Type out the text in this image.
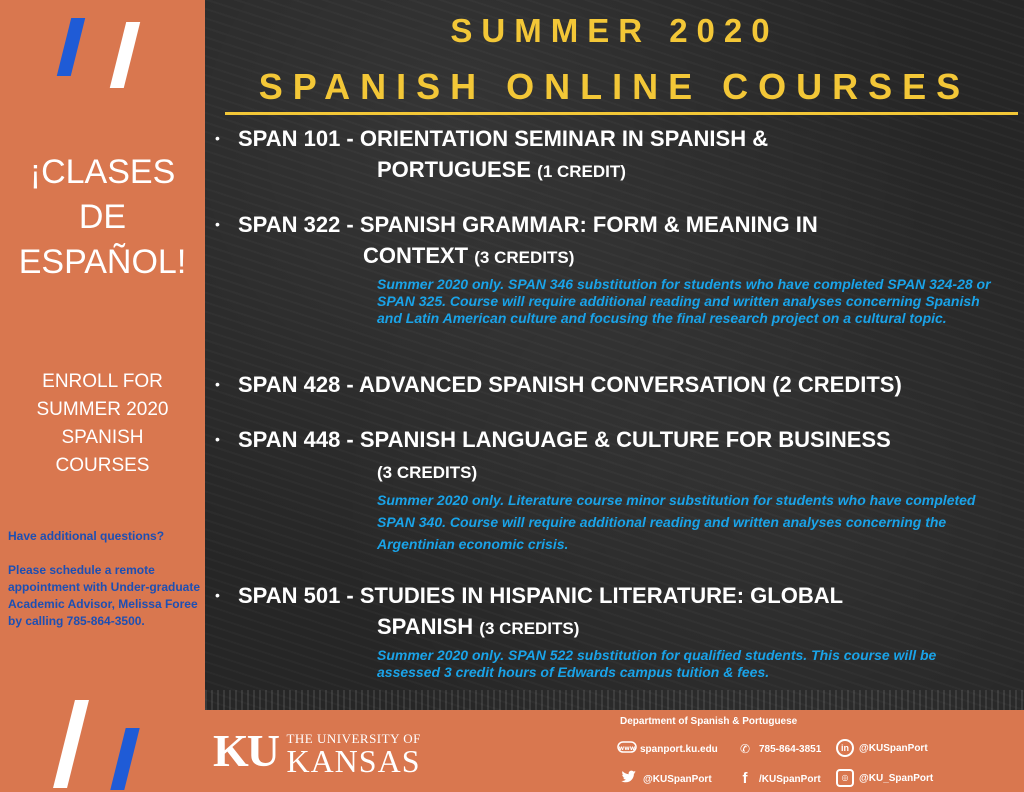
¡CLASES
DE
ESPAÑOL!
ENROLL FOR
SUMMER 2020
SPANISH
COURSES

Have additional questions?

Please schedule a remote appointment with Under-graduate Academic Advisor, Melissa Foree by calling 785-864-3500.

SUMMER 2020
SPANISH ONLINE COURSES
• SPAN 101 - ORIENTATION SEMINAR IN SPANISH &
PORTUGUESE (1 CREDIT)
• SPAN 322 - SPANISH GRAMMAR: FORM & MEANING IN
CONTEXT (3 CREDITS)
Summer 2020 only. SPAN 346 substitution for students who have completed SPAN 324-28 or SPAN 325. Course will require additional reading and written analyses concerning Spanish and Latin American culture and focusing the final research project on a cultural topic.
• SPAN 428 - ADVANCED SPANISH CONVERSATION (2 CREDITS)
• SPAN 448 - SPANISH LANGUAGE & CULTURE FOR BUSINESS
(3 CREDITS)
Summer 2020 only. Literature course minor substitution for students who have completed SPAN 340. Course will require additional reading and written analyses concerning the Argentinian economic crisis.
• SPAN 501 - STUDIES IN HISPANIC LITERATURE: GLOBAL
SPANISH (3 CREDITS)
Summer 2020 only. SPAN 522 substitution for qualified students. This course will be assessed 3 credit hours of Edwards campus tuition & fees.
KU THE UNIVERSITY OF
KANSAS
Department of Spanish & Portuguese
www spanport.ku.edu	✆ 785-864-3851	in	@KUSpanPort
@KUSpanPort	f	/KUSpanPort	◎	@KU_SpanPort
